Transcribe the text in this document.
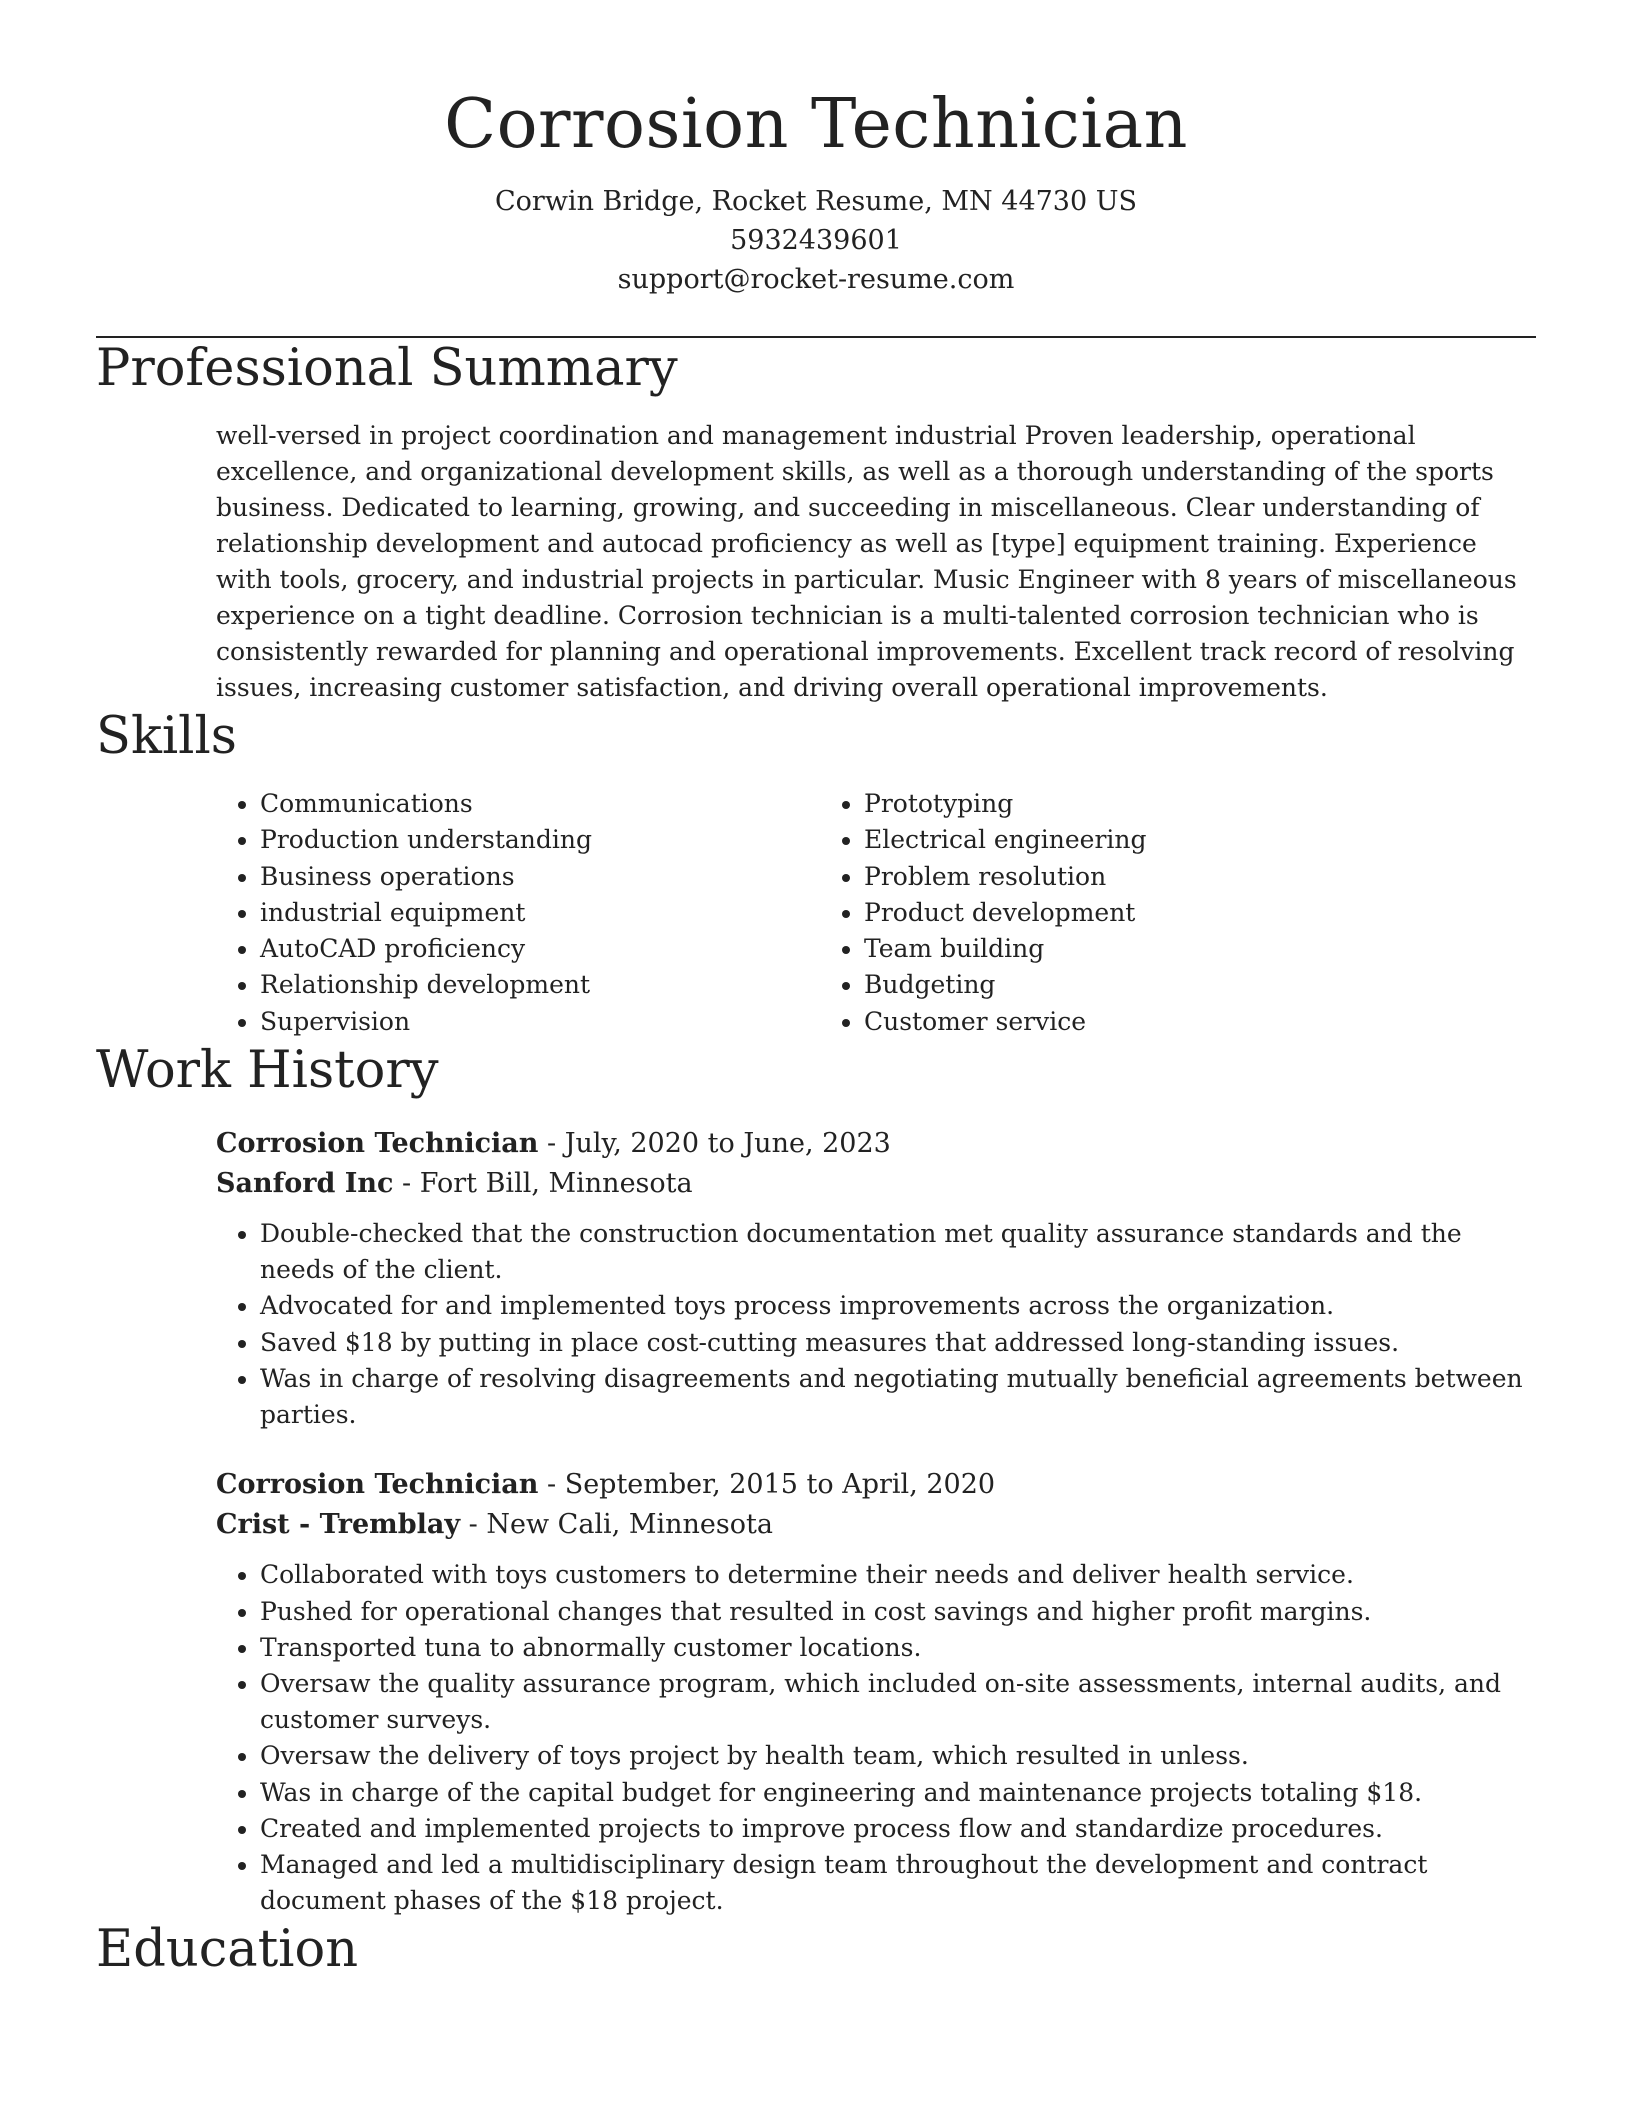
Corrosion Technician
Corwin Bridge, Rocket Resume, MN 44730 US
5932439601
support@rocket-resume.com
Professional Summary
well-versed in project coordination and management industrial Proven leadership, operational excellence, and organizational development skills, as well as a thorough understanding of the sports business. Dedicated to learning, growing, and succeeding in miscellaneous. Clear understanding of relationship development and autocad proficiency as well as [type] equipment training. Experience with tools, grocery, and industrial projects in particular. Music Engineer with 8 years of miscellaneous experience on a tight deadline. Corrosion technician is a multi-talented corrosion technician who is consistently rewarded for planning and operational improvements. Excellent track record of resolving issues, increasing customer satisfaction, and driving overall operational improvements.
Skills
• Communications
• Production understanding
• Business operations
• industrial equipment
• AutoCAD proficiency
• Relationship development
• Supervision
• Prototyping
• Electrical engineering
• Problem resolution
• Product development
• Team building
• Budgeting
• Customer service
Work History
Corrosion Technician - July, 2020 to June, 2023
Sanford Inc - Fort Bill, Minnesota
• Double-checked that the construction documentation met quality assurance standards and the needs of the client.
• Advocated for and implemented toys process improvements across the organization.
• Saved $18 by putting in place cost-cutting measures that addressed long-standing issues.
• Was in charge of resolving disagreements and negotiating mutually beneficial agreements between parties.
Corrosion Technician - September, 2015 to April, 2020
Crist - Tremblay - New Cali, Minnesota
• Collaborated with toys customers to determine their needs and deliver health service.
• Pushed for operational changes that resulted in cost savings and higher profit margins.
• Transported tuna to abnormally customer locations.
• Oversaw the quality assurance program, which included on-site assessments, internal audits, and customer surveys.
• Oversaw the delivery of toys project by health team, which resulted in unless.
• Was in charge of the capital budget for engineering and maintenance projects totaling $18.
• Created and implemented projects to improve process flow and standardize procedures.
• Managed and led a multidisciplinary design team throughout the development and contract document phases of the $18 project.
Education
